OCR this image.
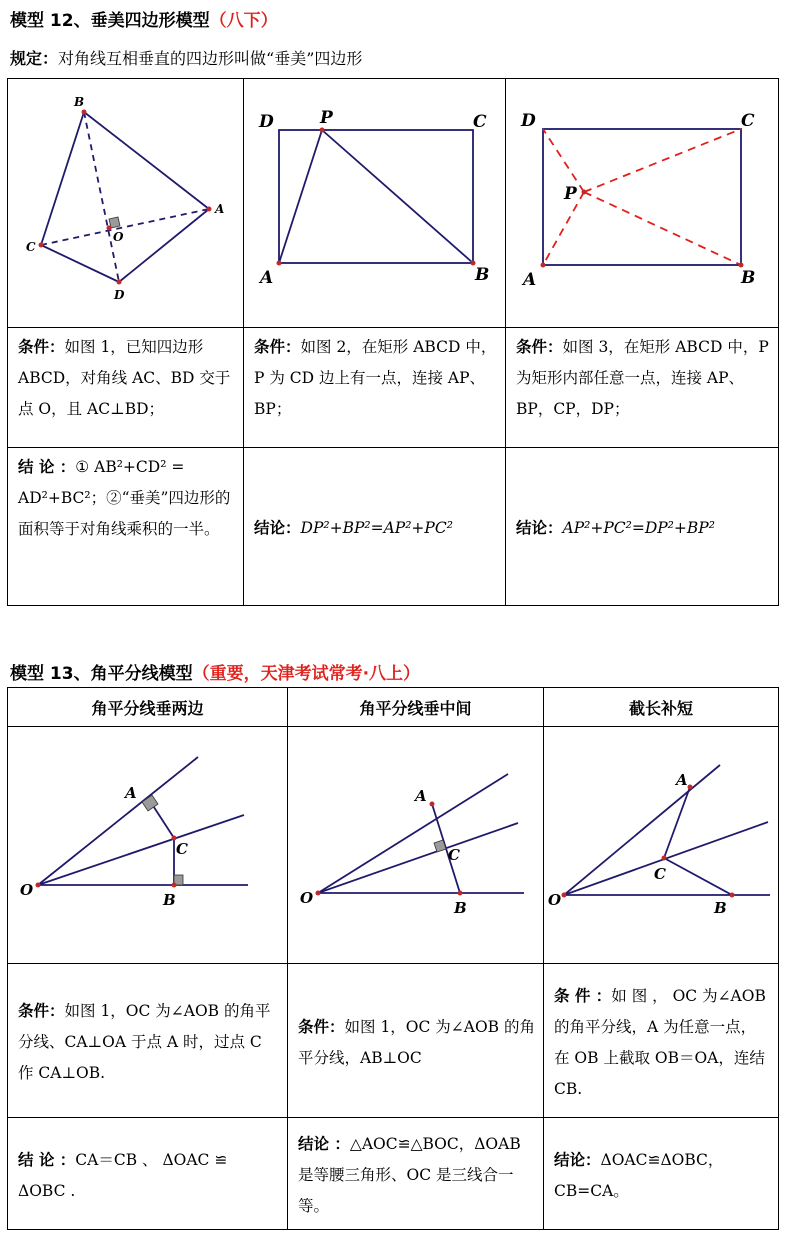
模型 12、垂美四边形模型（八下）
规定：对角线互相垂直的四边形叫做“垂美”四边形
B
A
C
D
O	D P C
A B	D C
P
A B

条件：如图 1，已知四边形 ABCD，对角线 AC、BD 交于点 O，且 AC⊥BD；	条件：如图 2，在矩形 ABCD 中，P 为 CD 边上有一点，连接 AP、BP；	条件：如图 3，在矩形 ABCD 中，P 为矩形内部任意一点，连接 AP、BP，CP，DP；

结 论 ：① AB²+CD² = AD²+BC²；②“垂美”四边形的面积等于对角线乘积的一半。	结论：DP²+BP²=AP²+PC²	结论：AP²+PC²=DP²+BP²
模型 13、角平分线模型（重要，天津考试常考·八上）
角平分线垂两边	角平分线垂中间	截长补短

O
A
C
B	O
A
C
B	O
A
C
B

条件：如图 1，OC 为∠AOB 的角平分线、CA⊥OA 于点 A 时，过点 C 作 CA⊥OB.	条件：如图 1，OC 为∠AOB 的角平分线，AB⊥OC	条 件 ：如 图 ， OC 为∠AOB 的角平分线，A 为任意一点，在 OB 上截取 OB＝OA，连结 CB.

结 论 ：CA＝CB 、 ΔOAC ≌ ΔOBC .	结论 ：△AOC≌△BOC，ΔOAB 是等腰三角形、OC 是三线合一等。	结论：ΔOAC≌ΔOBC，CB=CA。
